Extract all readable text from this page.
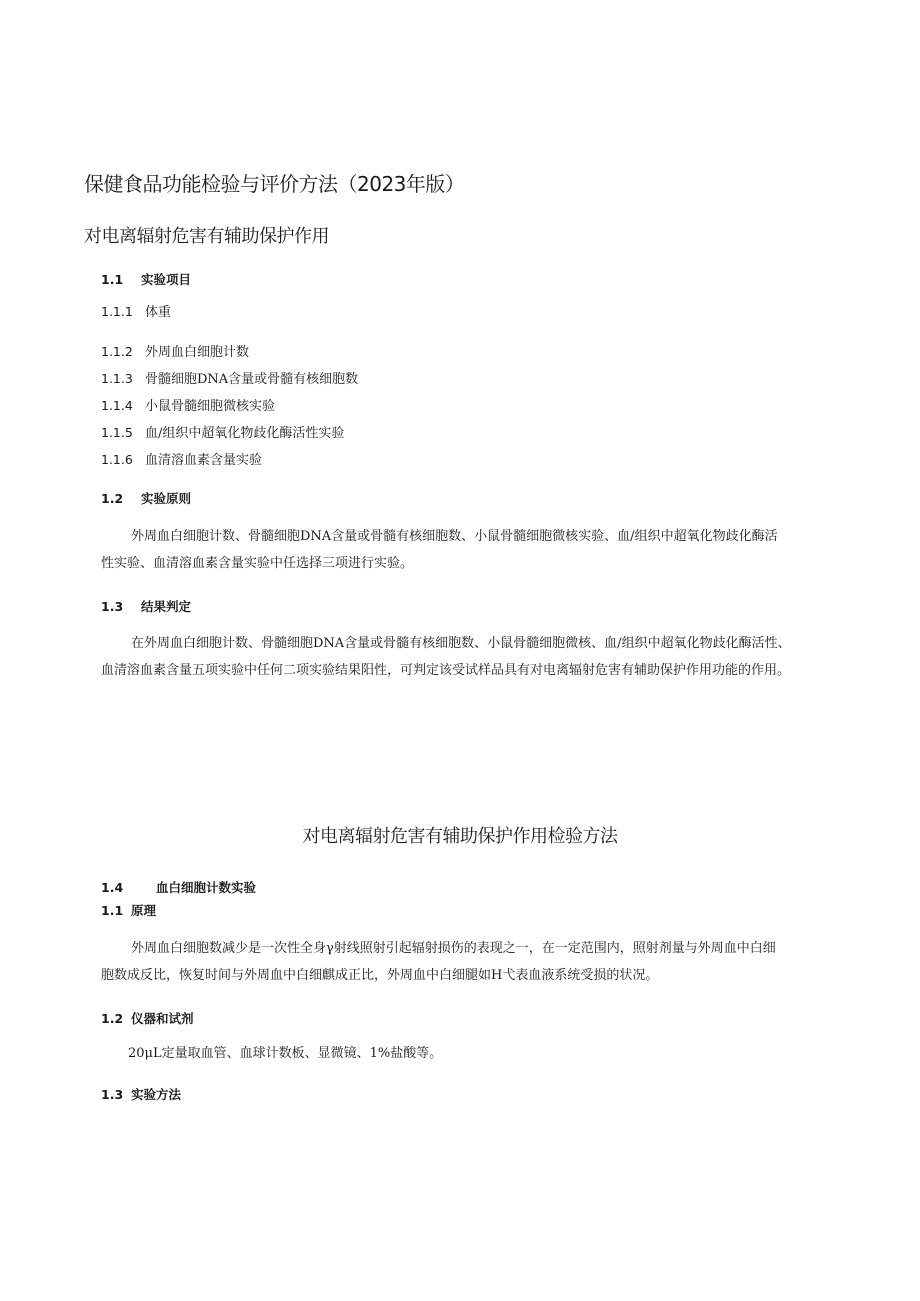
保健食品功能检验与评价方法（2023年版）
对电离辐射危害有辅助保护作用
1.1 实验项目
1.1.1 体重
1.1.2 外周血白细胞计数
1.1.3 骨髓细胞DNA含量或骨髓有核细胞数
1.1.4 小鼠骨髓细胞微核实验
1.1.5 血/组织中超氧化物歧化酶活性实验
1.1.6 血清溶血素含量实验
1.2 实验原则
外周血白细胞计数、骨髓细胞DNA含量或骨髓有核细胞数、小鼠骨髓细胞微核实验、血/组织中超氧化物歧化酶活
性实验、血清溶血素含量实验中任选择三项进行实验。
1.3 结果判定
在外周血白细胞计数、骨髓细胞DNA含量或骨髓有核细胞数、小鼠骨髓细胞微核、血/组织中超氧化物歧化酶活性、
血清溶血素含量五项实验中任何二项实验结果阳性，可判定该受试样品具有对电离辐射危害有辅助保护作用功能的作用。
对电离辐射危害有辅助保护作用检验方法
1.4	血白细胞计数实验
1.1 原理
外周血白细胞数减少是一次性全身γ射线照射引起辐射损伤的表现之一，在一定范围内，照射剂量与外周血中白细
胞数成反比，恢复时间与外周血中白细麒成正比，外周血中白细腿如H弋表血液系统受损的状况。
1.2 仪器和试剂
20μL定量取血管、血球计数板、显微镜、1%盐酸等。
1.3 实验方法
